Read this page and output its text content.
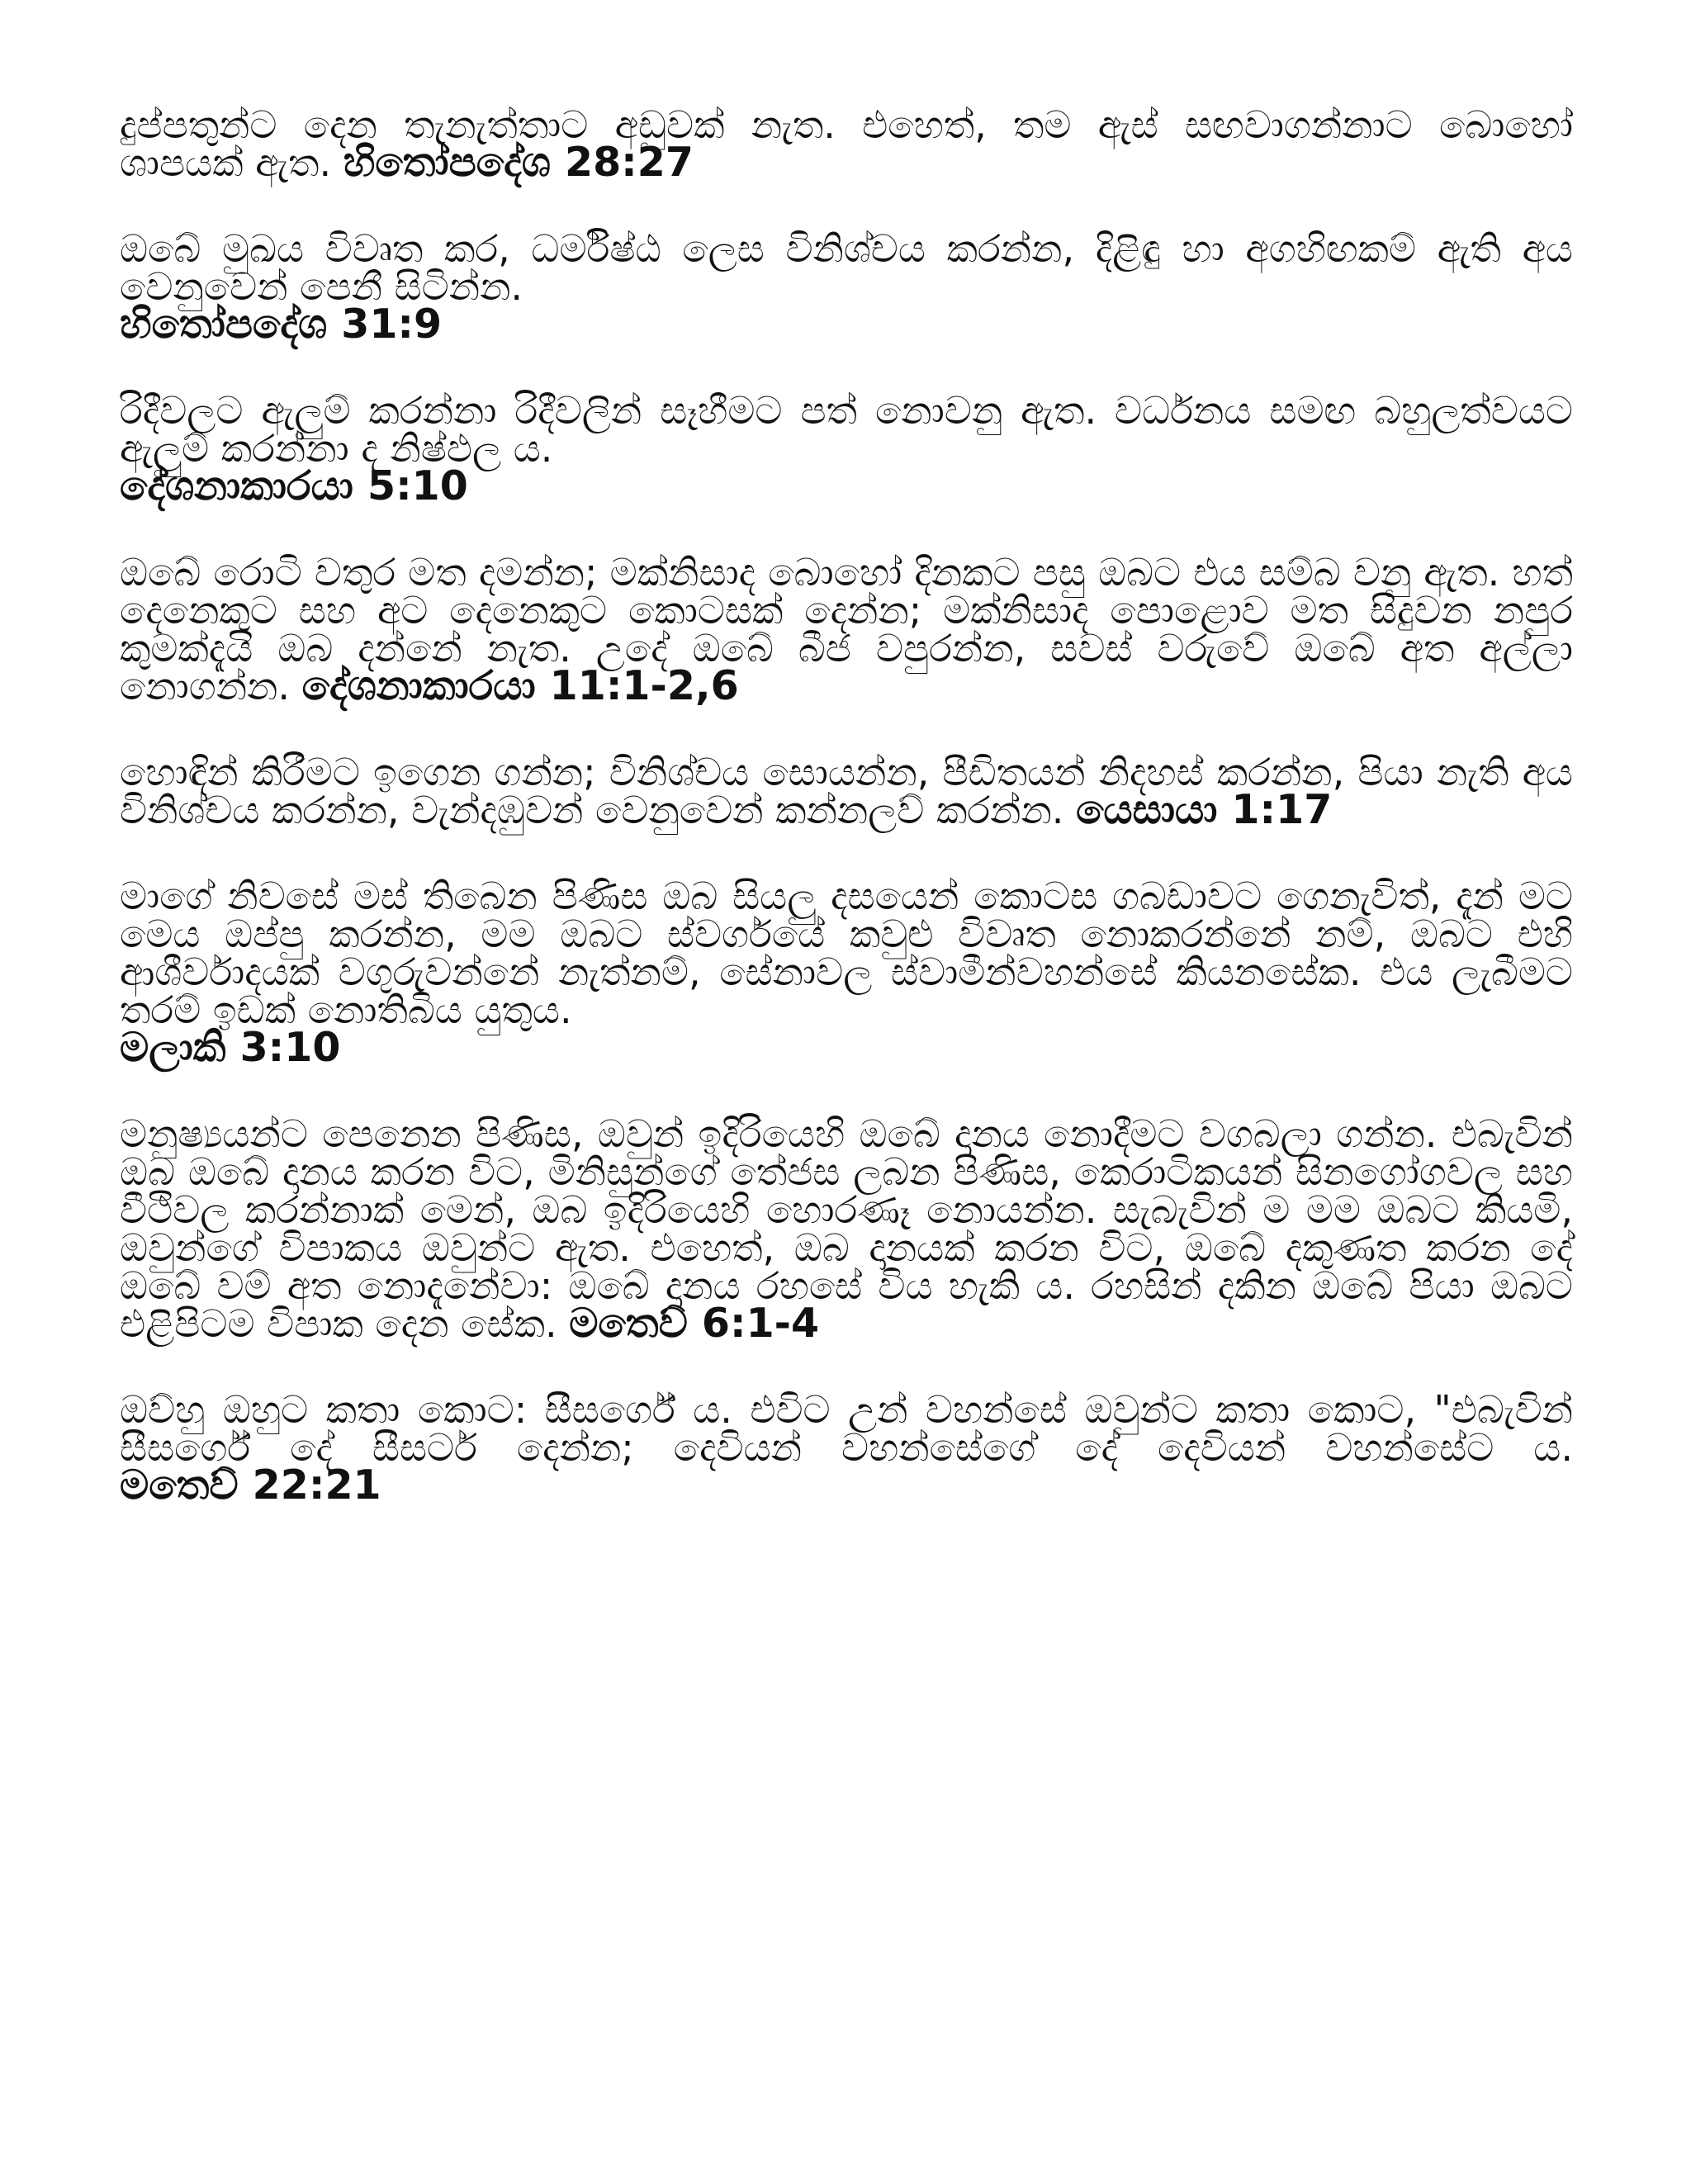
දුප්පතුන්ට දෙන තැනැත්තාට අඩුවක් නැත. එහෙත්, තම ඇස් සඟවාගන්නාට බොහෝ ශාපයක් ඇත. හිතෝපදේශ 28:27

ඔබේ මුඛය විවෘත කර, ධර්මිෂ්ඨ ලෙස විනිශ්චය කරන්න, දිළිඳු හා අගහිඟකම් ඇති අය වෙනුවෙන් පෙනී සිටින්න.
හිතෝපදේශ 31:9

රිදීවලට ඇලුම් කරන්නා රිදීවලින් සෑහීමට පත් නොවනු ඇත. වර්ධනය සමඟ බහුලත්වයට ඇලුම් කරන්නා ද නිෂ්ඵල ය.
දේශනාකාරයා 5:10

ඔබේ රොටි වතුර මත දමන්න; මක්නිසාද බොහෝ දිනකට පසු ඔබට එය සම්බ වනු ඇත. හත් දෙනෙකුට සහ අට දෙනෙකුට කොටසක් දෙන්න; මක්නිසාද පොළොව මත සිදුවන නපුර කුමක්දැයි ඔබ දන්නේ නැත. උදේ ඔබේ බීජ වපුරන්න, සවස් වරුවේ ඔබේ අත අල්ලා නොගන්න. දේශනාකාරයා 11:1-2,6

හොඳින් කිරීමට ඉගෙන ගන්න; විනිශ්චය සොයන්න, පීඩිතයන් නිදහස් කරන්න, පියා නැති අය විනිශ්චය කරන්න, වැන්දඹුවන් වෙනුවෙන් කන්නලව් කරන්න. යෙසායා 1:17

මාගේ නිවසේ මස් තිබෙන පිණිස ඔබ සියලු දසයෙන් කොටස ගබඩාවට ගෙනැවිත්, දැන් මට මෙය ඔප්පු කරන්න, මම ඔබට ස්වර්ගයේ කවුළු විවෘත නොකරන්නේ නම්, ඔබට එහි ආශීර්වාදයක් වගුරුවන්නේ නැත්නම්, සේනාවල ස්වාමීන්වහන්සේ කියනසේක. එය ලැබීමට තරම් ඉඩක් නොතිබිය යුතුය.
මලාකි 3:10

මනුෂ්‍යයන්ට පෙනෙන පිණිස, ඔවුන් ඉදිරියෙහි ඔබේ දානය නොදීමට වගබලා ගන්න. එබැවින් ඔබ ඔබේ දානය කරන විට, මිනිසුන්ගේ තේජස ලබන පිණිස, කෙරාටිකයන් සිනගෝගවල සහ වීථිවල කරන්නාක් මෙන්, ඔබ ඉදිරියෙහි හොරණෑ නොයන්න. සැබැවින් ම මම ඔබට කියමි, ඔවුන්ගේ විපාකය ඔවුන්ට ඇත. එහෙත්, ඔබ දානයක් කරන විට, ඔබේ දකුණත කරන දේ ඔබේ වම් අත නොදැනේවා: ඔබේ දානය රහසේ විය හැකි ය. රහසින් දකින ඔබේ පියා ඔබට එළිපිටම විපාක දෙන සේක. මතෙව් 6:1-4

ඔව්හු ඔහුට කතා කොට: සීසර්ගේ ය. එවිට උන් වහන්සේ ඔවුන්ට කතා කොට, "එබැවින් සීසර්ගේ දේ සීසර්ට දෙන්න; දෙවියන් වහන්සේගේ දේ දෙවියන් වහන්සේට ය. මතෙව් 22:21
